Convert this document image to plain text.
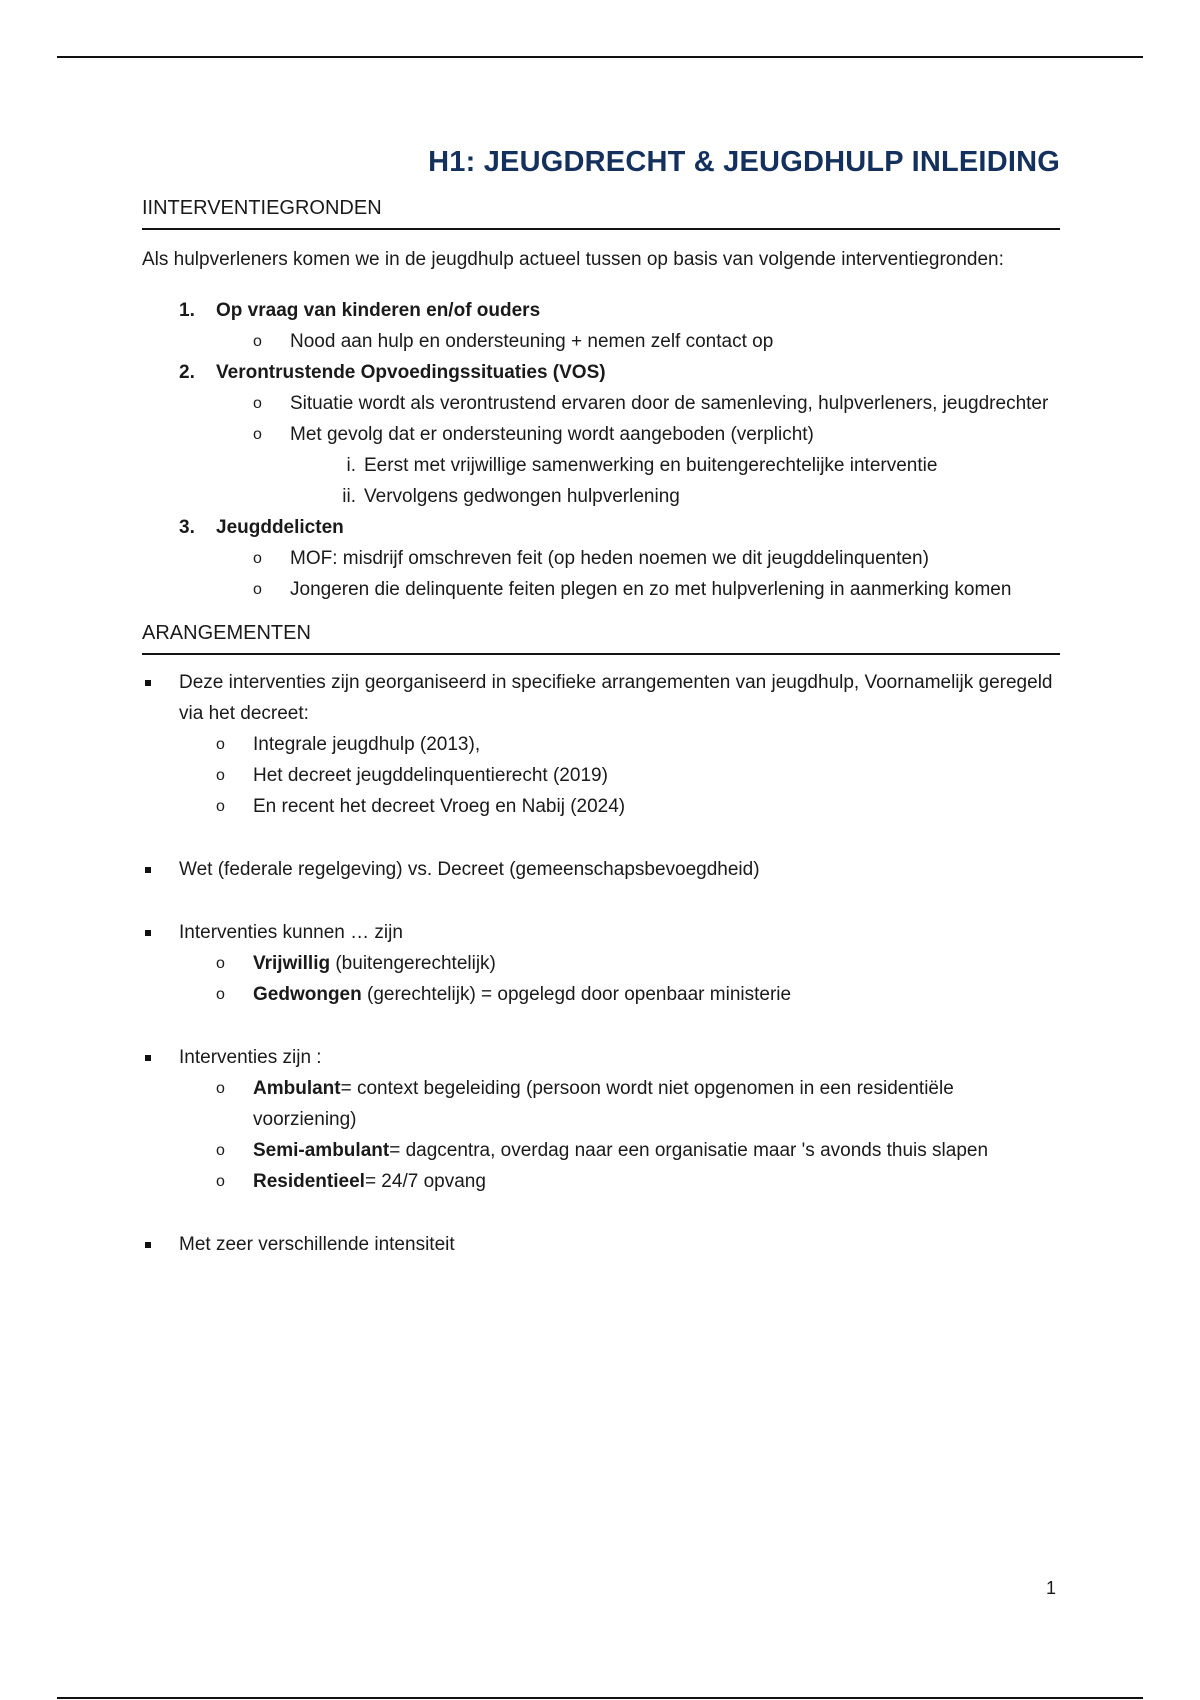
H1: JEUGDRECHT & JEUGDHULP INLEIDING
IINTERVENTIEGRONDEN

Als hulpverleners komen we in de jeugdhulp actueel tussen op basis van volgende interventiegronden:

1. Op vraag van kinderen en/of ouders
o Nood aan hulp en ondersteuning + nemen zelf contact op
2. Verontrustende Opvoedingssituaties (VOS)
o Situatie wordt als verontrustend ervaren door de samenleving, hulpverleners, jeugdrechter
o Met gevolg dat er ondersteuning wordt aangeboden (verplicht)
i. Eerst met vrijwillige samenwerking en buitengerechtelijke interventie
ii. Vervolgens gedwongen hulpverlening
3. Jeugddelicten
o MOF: misdrijf omschreven feit (op heden noemen we dit jeugddelinquenten)
o Jongeren die delinquente feiten plegen en zo met hulpverlening in aanmerking komen
ARANGEMENTEN
Deze interventies zijn georganiseerd in specifieke arrangementen van jeugdhulp, Voornamelijk geregeld via het decreet:
o Integrale jeugdhulp (2013),
o Het decreet jeugddelinquentierecht (2019)
o En recent het decreet Vroeg en Nabij (2024)
Wet (federale regelgeving) vs. Decreet (gemeenschapsbevoegdheid)
Interventies kunnen … zijn
o Vrijwillig (buitengerechtelijk)
o Gedwongen (gerechtelijk) = opgelegd door openbaar ministerie
Interventies zijn :
o Ambulant= context begeleiding (persoon wordt niet opgenomen in een residentiële voorziening)
o Semi-ambulant= dagcentra, overdag naar een organisatie maar 's avonds thuis slapen
o Residentieel= 24/7 opvang
Met zeer verschillende intensiteit
1
